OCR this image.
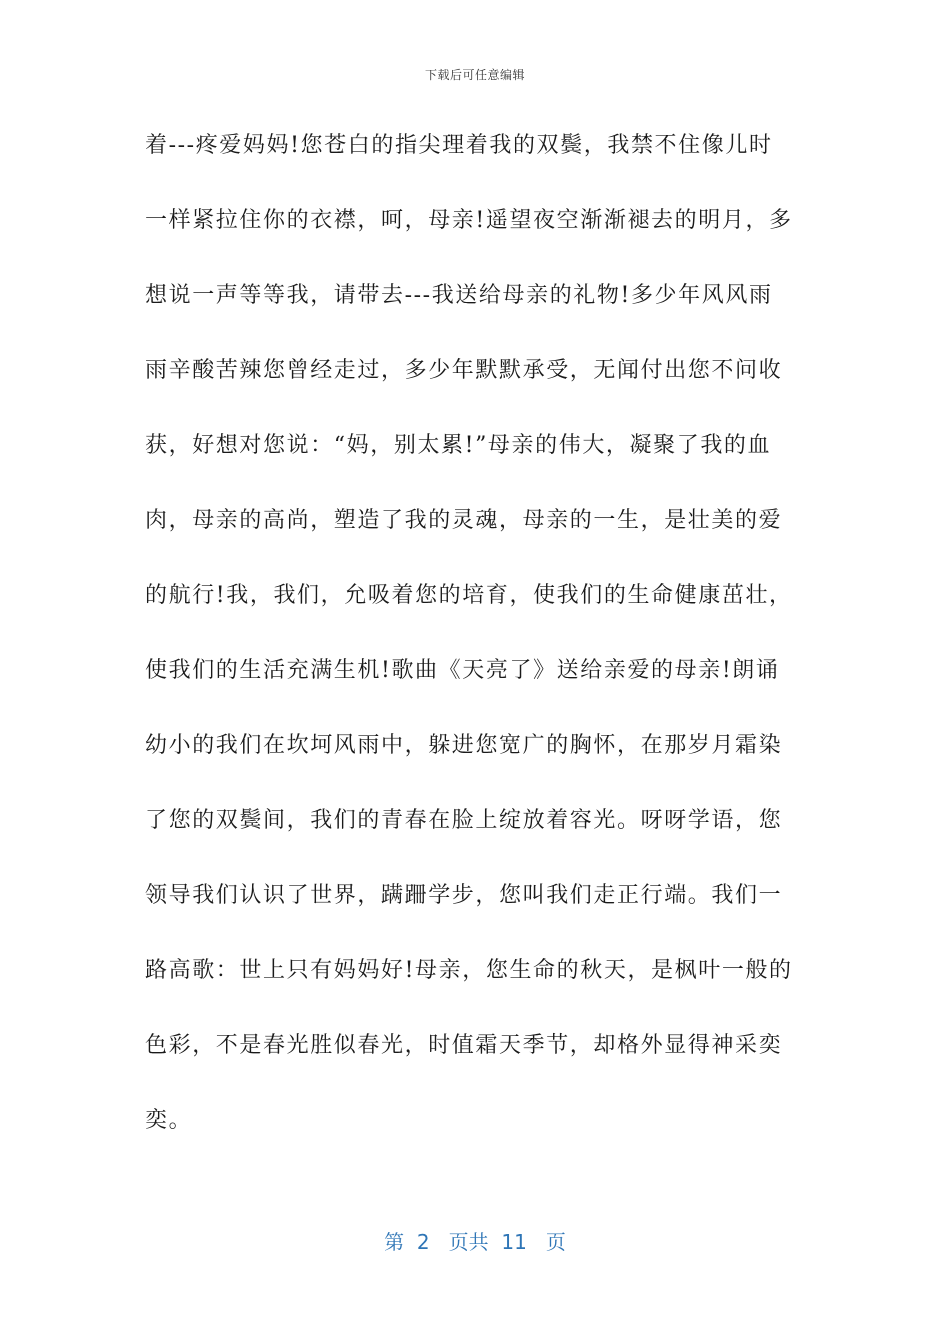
下载后可任意编辑
着---疼爱妈妈!您苍白的指尖理着我的双鬓，我禁不住像儿时
一样紧拉住你的衣襟，呵，母亲!遥望夜空渐渐褪去的明月，多
想说一声等等我，请带去---我送给母亲的礼物!多少年风风雨
雨辛酸苦辣您曾经走过，多少年默默承受，无闻付出您不问收
获，好想对您说：“妈，别太累!”母亲的伟大，凝聚了我的血
肉，母亲的高尚，塑造了我的灵魂，母亲的一生，是壮美的爱
的航行!我，我们，允吸着您的培育，使我们的生命健康茁壮，
使我们的生活充满生机!歌曲《天亮了》送给亲爱的母亲!朗诵
幼小的我们在坎坷风雨中，躲进您宽广的胸怀，在那岁月霜染
了您的双鬓间，我们的青春在脸上绽放着容光。呀呀学语，您
领导我们认识了世界，蹒跚学步，您叫我们走正行端。我们一
路高歌：世上只有妈妈好!母亲，您生命的秋天，是枫叶一般的
色彩，不是春光胜似春光，时值霜天季节，却格外显得神采奕
奕。
第  2   页共  11   页
